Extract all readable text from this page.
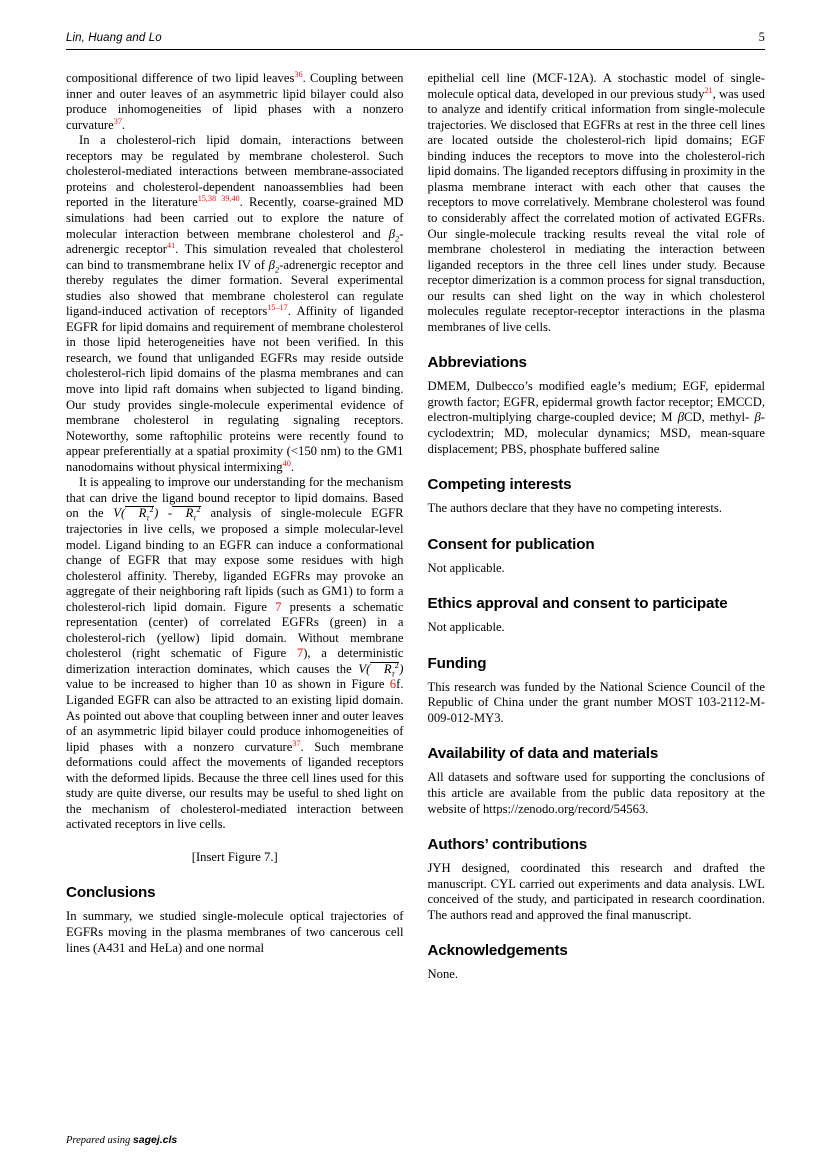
Lin, Huang and Lo	5

compositional difference of two lipid leaves$^{36}$. Coupling between inner and outer leaves of an asymmetric lipid bilayer could also produce inhomogeneities of lipid phases with a nonzero curvature$^{37}$.

In a cholesterol-rich lipid domain, interactions between receptors may be regulated by membrane cholesterol. Such cholesterol-mediated interactions between membrane-associated proteins and cholesterol-dependent nanoassemblies had been reported in the literature$^{15,38 39,40}$. Recently, coarse-grained MD simulations had been carried out to explore the nature of molecular interaction between membrane cholesterol and $\beta_2$-adrenergic receptor$^{41}$. This simulation revealed that cholesterol can bind to transmembrane helix IV of $\beta_2$-adrenergic receptor and thereby regulates the dimer formation. Several experimental studies also showed that membrane cholesterol can regulate ligand-induced activation of receptors$^{15-17}$. Affinity of liganded EGFR for lipid domains and requirement of membrane cholesterol in those lipid heterogeneities have not been verified. In this research, we found that unliganded EGFRs may reside outside cholesterol-rich lipid domains of the plasma membranes and can move into lipid raft domains when subjected to ligand binding. Our study provides single-molecule experimental evidence of membrane cholesterol in regulating signaling receptors. Noteworthy, some raftophilic proteins were recently found to appear preferentially at a spatial proximity (<150 nm) to the GM1 nanodomains without physical intermixing$^{40}$.

It is appealing to improve our understanding for the mechanism that can drive the ligand bound receptor to lipid domains. Based on the V( $R_\tau^2) - R_\tau^2$ analysis of single-molecule EGFR trajectories in live cells, we proposed a simple molecular-level model. Ligand binding to an EGFR can induce a conformational change of EGFR that may expose some residues with high cholesterol affinity. Thereby, liganded EGFRs may provoke an aggregate of their neighboring raft lipids (such as GM1) to form a cholesterol-rich lipid domain. Figure 7 presents a schematic representation (center) of correlated EGFRs (green) in a cholesterol-rich (yellow) lipid domain. Without membrane cholesterol (right schematic of Figure 7), a deterministic dimerization interaction dominates, which causes the V( $R_\tau^2$) value to be increased to higher than 10 as shown in Figure 6f. Liganded EGFR can also be attracted to an existing lipid domain. As pointed out above that coupling between inner and outer leaves of an asymmetric lipid bilayer could produce inhomogeneities of lipid phases with a nonzero curvature$^{37}$. Such membrane deformations could affect the movements of liganded receptors with the deformed lipids. Because the three cell lines used for this study are quite diverse, our results may be useful to shed light on the mechanism of cholesterol-mediated interaction between activated receptors in live cells.

[Insert Figure 7.]

Conclusions

In summary, we studied single-molecule optical trajectories of EGFRs moving in the plasma membranes of two cancerous cell lines (A431 and HeLa) and one normal

epithelial cell line (MCF-12A). A stochastic model of single-molecule optical data, developed in our previous study$^{21}$, was used to analyze and identify critical information from single-molecule trajectories. We disclosed that EGFRs at rest in the three cell lines are located outside the cholesterol-rich lipid domains; EGF binding induces the receptors to move into the cholesterol-rich lipid domains. The liganded receptors diffusing in proximity in the plasma membrane interact with each other that causes the receptors to move correlatively. Membrane cholesterol was found to considerably affect the correlated motion of activated EGFRs. Our single-molecule tracking results reveal the vital role of membrane cholesterol in mediating the interaction between liganded receptors in the three cell lines under study. Because receptor dimerization is a common process for signal transduction, our results can shed light on the way in which cholesterol molecules regulate receptor-receptor interactions in the plasma membranes of live cells.

Abbreviations

DMEM, Dulbecco’s modified eagle’s medium; EGF, epidermal growth factor; EGFR, epidermal growth factor receptor; EMCCD, electron-multiplying charge-coupled device; M βCD, methyl- β-cyclodextrin; MD, molecular dynamics; MSD, mean-square displacement; PBS, phosphate buffered saline

Competing interests

The authors declare that they have no competing interests.

Consent for publication

Not applicable.

Ethics approval and consent to participate

Not applicable.

Funding

This research was funded by the National Science Council of the Republic of China under the grant number MOST 103-2112-M-009-012-MY3.

Availability of data and materials

All datasets and software used for supporting the conclusions of this article are available from the public data repository at the website of https://zenodo.org/record/54563.

Authors’ contributions

JYH designed, coordinated this research and drafted the manuscript. CYL carried out experiments and data analysis. LWL conceived of the study, and participated in research coordination. The authors read and approved the final manuscript.

Acknowledgements

None.

Prepared using sagej.cls
